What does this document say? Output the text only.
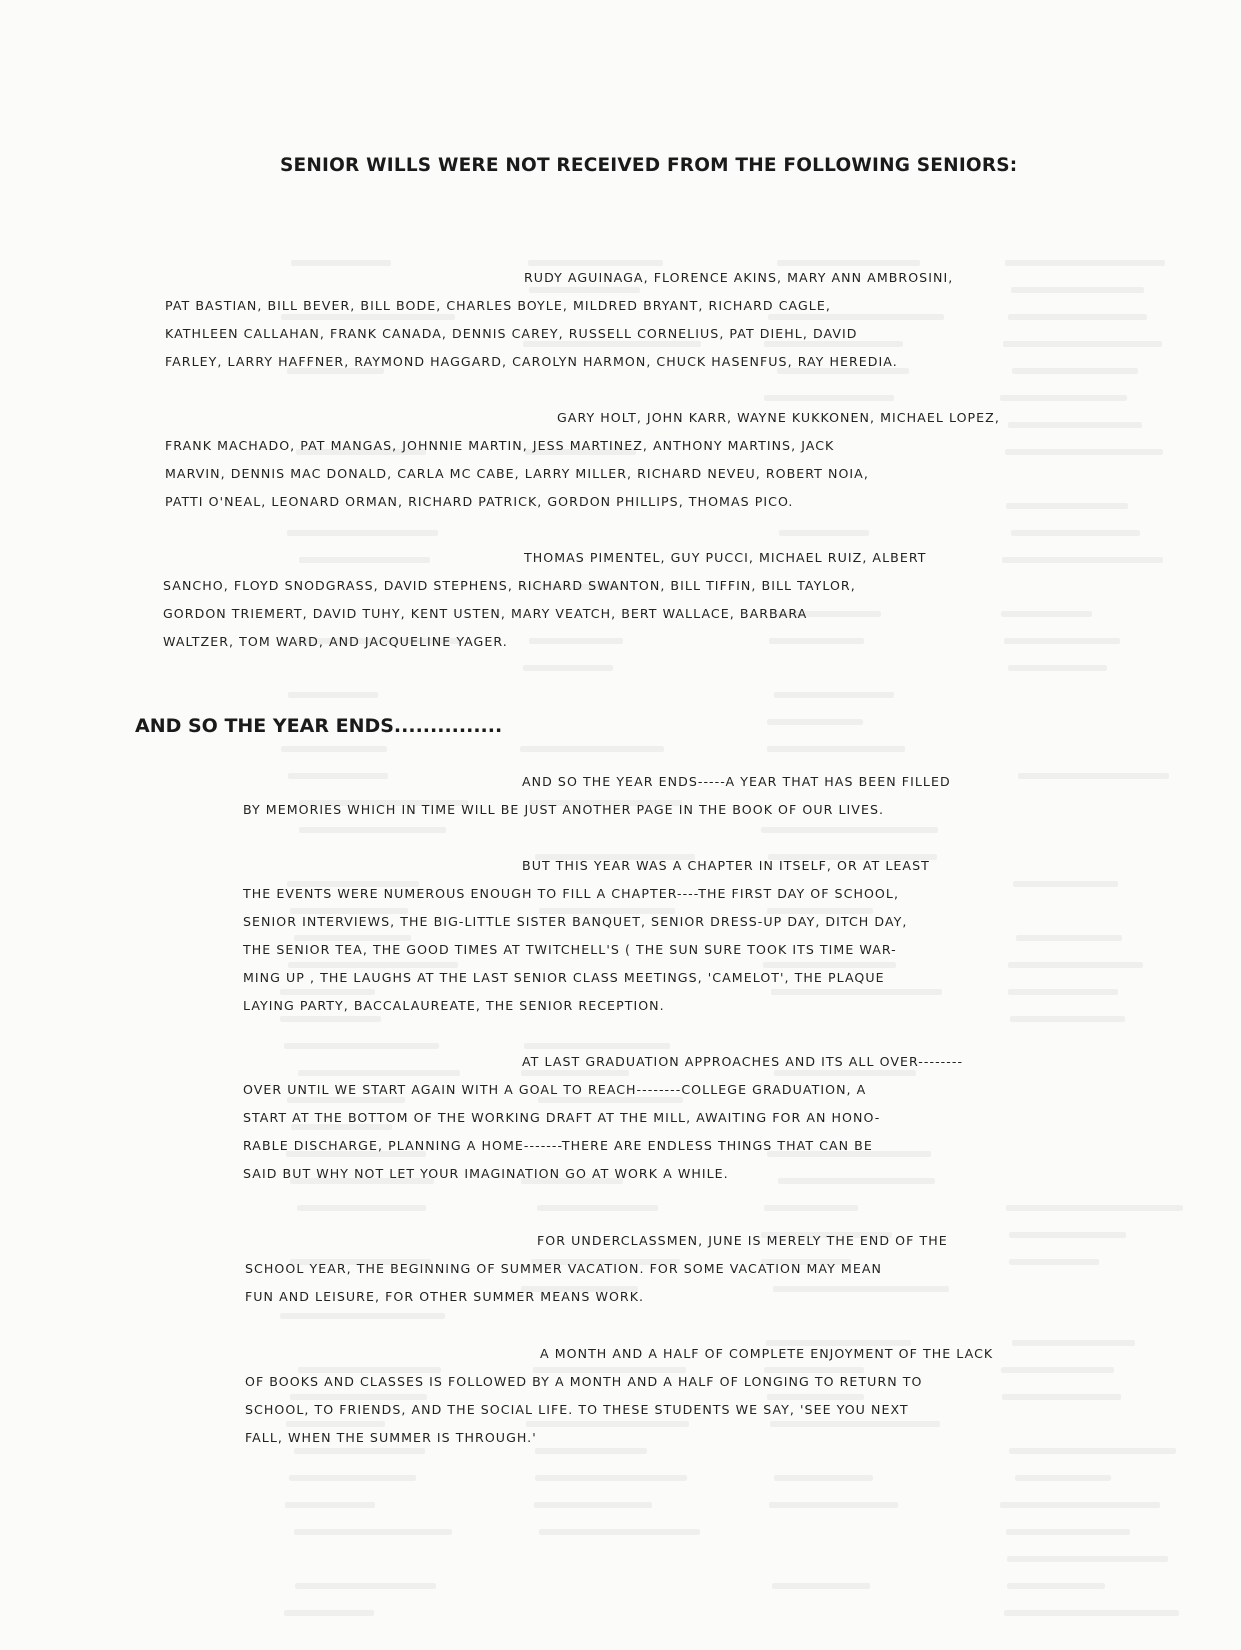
SENIOR WILLS WERE NOT RECEIVED FROM THE FOLLOWING SENIORS:
RUDY AGUINAGA, FLORENCE AKINS, MARY ANN AMBROSINI,
PAT BASTIAN, BILL BEVER, BILL BODE, CHARLES BOYLE, MILDRED BRYANT, RICHARD CAGLE,
KATHLEEN CALLAHAN, FRANK CANADA, DENNIS CAREY, RUSSELL CORNELIUS, PAT DIEHL, DAVID
FARLEY, LARRY HAFFNER, RAYMOND HAGGARD, CAROLYN HARMON, CHUCK HASENFUS, RAY HEREDIA.
GARY HOLT, JOHN KARR, WAYNE KUKKONEN, MICHAEL LOPEZ,
FRANK MACHADO, PAT MANGAS, JOHNNIE MARTIN, JESS MARTINEZ, ANTHONY MARTINS, JACK
MARVIN, DENNIS MAC DONALD, CARLA MC CABE, LARRY MILLER, RICHARD NEVEU, ROBERT NOIA,
PATTI O'NEAL, LEONARD ORMAN, RICHARD PATRICK, GORDON PHILLIPS, THOMAS PICO.
THOMAS PIMENTEL, GUY PUCCI, MICHAEL RUIZ, ALBERT
SANCHO, FLOYD SNODGRASS, DAVID STEPHENS, RICHARD SWANTON, BILL TIFFIN, BILL TAYLOR,
GORDON TRIEMERT, DAVID TUHY, KENT USTEN, MARY VEATCH, BERT WALLACE, BARBARA
WALTZER, TOM WARD, AND JACQUELINE YAGER.
AND SO THE YEAR ENDS...............
AND SO THE YEAR ENDS-----A YEAR THAT HAS BEEN FILLED
BY MEMORIES WHICH IN TIME WILL BE JUST ANOTHER PAGE IN THE BOOK OF OUR LIVES.
BUT THIS YEAR WAS A CHAPTER IN ITSELF, OR AT LEAST
THE EVENTS WERE NUMEROUS ENOUGH TO FILL A CHAPTER----THE FIRST DAY OF SCHOOL,
SENIOR INTERVIEWS, THE BIG-LITTLE SISTER BANQUET, SENIOR DRESS-UP DAY, DITCH DAY,
THE SENIOR TEA, THE GOOD TIMES AT TWITCHELL'S ( THE SUN SURE TOOK ITS TIME WAR-
MING UP , THE LAUGHS AT THE LAST SENIOR CLASS MEETINGS, 'CAMELOT', THE PLAQUE
LAYING PARTY, BACCALAUREATE, THE SENIOR RECEPTION.
AT LAST GRADUATION APPROACHES AND ITS ALL OVER--------
OVER UNTIL WE START AGAIN WITH A GOAL TO REACH--------COLLEGE GRADUATION, A
START AT THE BOTTOM OF THE WORKING DRAFT AT THE MILL, AWAITING FOR AN HONO-
RABLE DISCHARGE, PLANNING A HOME-------THERE ARE ENDLESS THINGS THAT CAN BE
SAID BUT WHY NOT LET YOUR IMAGINATION GO AT WORK A WHILE.
FOR UNDERCLASSMEN, JUNE IS MERELY THE END OF THE
SCHOOL YEAR, THE BEGINNING OF SUMMER VACATION. FOR SOME VACATION MAY MEAN
FUN AND LEISURE, FOR OTHER SUMMER MEANS WORK.
A MONTH AND A HALF OF COMPLETE ENJOYMENT OF THE LACK
OF BOOKS AND CLASSES IS FOLLOWED BY A MONTH AND A HALF OF LONGING TO RETURN TO
SCHOOL, TO FRIENDS, AND THE SOCIAL LIFE. TO THESE STUDENTS WE SAY, 'SEE YOU NEXT
FALL, WHEN THE SUMMER IS THROUGH.'
